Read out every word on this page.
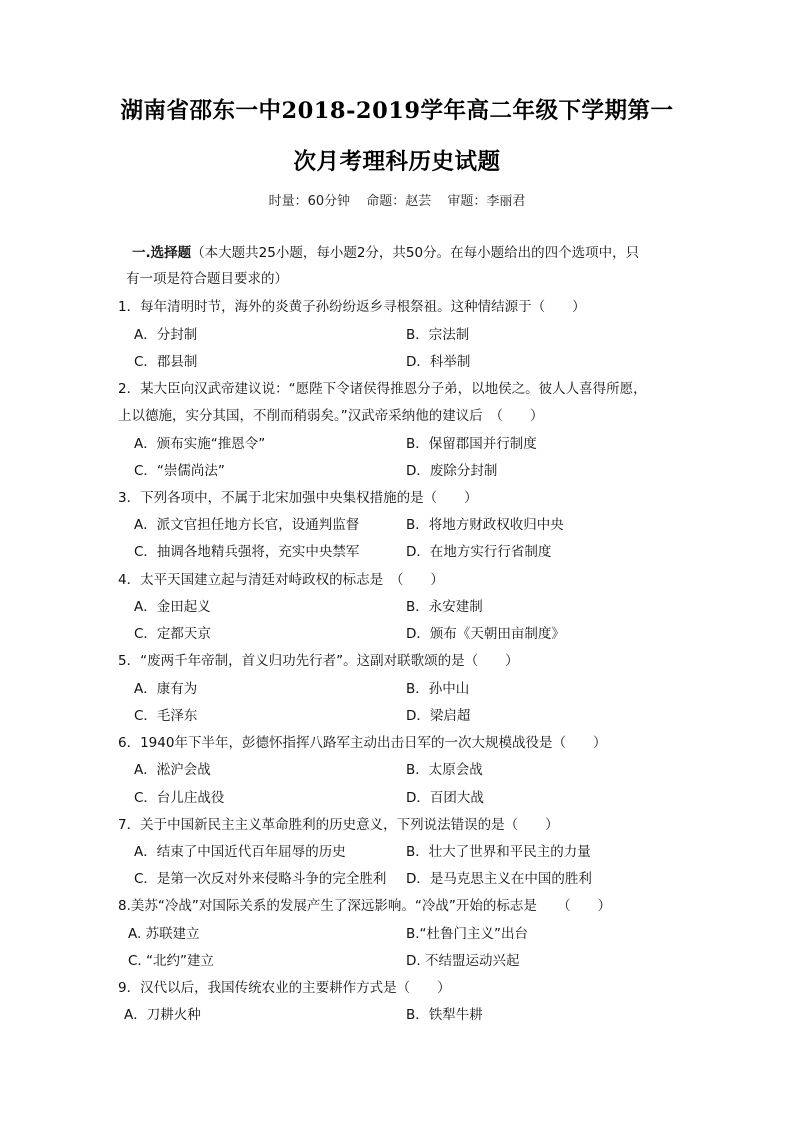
湖南省邵东一中2018-2019学年高二年级下学期第一
次月考理科历史试题
时量：60分钟 命题：赵芸 审题：李丽君
一.选择题（本大题共25小题，每小题2分，共50分。在每小题给出的四个选项中，只
有一项是符合题目要求的）
1．每年清明时节，海外的炎黄子孙纷纷返乡寻根祭祖。这种情结源于（　　）
A．分封制	B．宗法制
C．郡县制	D．科举制
2．某大臣向汉武帝建议说：“愿陛下令诸侯得推恩分子弟，以地侯之。彼人人喜得所愿，
上以德施，实分其国，不削而稍弱矣。”汉武帝采纳他的建议后　（　　）
A．颁布实施“推恩令”	B．保留郡国并行制度
C．“崇儒尚法”	D．废除分封制
3．下列各项中，不属于北宋加强中央集权措施的是（　　）
A．派文官担任地方长官，设通判监督	B．将地方财政权收归中央
C．抽调各地精兵强将，充实中央禁军	D．在地方实行行省制度
4．太平天国建立起与清廷对峙政权的标志是　（　　）
A．金田起义	B．永安建制
C．定都天京	D．颁布《天朝田亩制度》
5．“废两千年帝制，首义归功先行者”。这副对联歌颂的是（　　）
A．康有为	B．孙中山
C．毛泽东	D．梁启超
6．1940年下半年，彭德怀指挥八路军主动出击日军的一次大规模战役是（　　）
A．淞沪会战	B．太原会战
C．台儿庄战役	D．百团大战
7．关于中国新民主主义革命胜利的历史意义，下列说法错误的是（　　）
A．结束了中国近代百年屈辱的历史	B．壮大了世界和平民主的力量
C．是第一次反对外来侵略斗争的完全胜利 D．是马克思主义在中国的胜利
8.美苏“冷战”对国际关系的发展产生了深远影响。“冷战”开始的标志是　　（　　）
A. 苏联建立	B.“杜鲁门主义”出台
C. “北约”建立	D. 不结盟运动兴起
9．汉代以后，我国传统农业的主要耕作方式是（　　）
A．刀耕火种	B．铁犁牛耕
